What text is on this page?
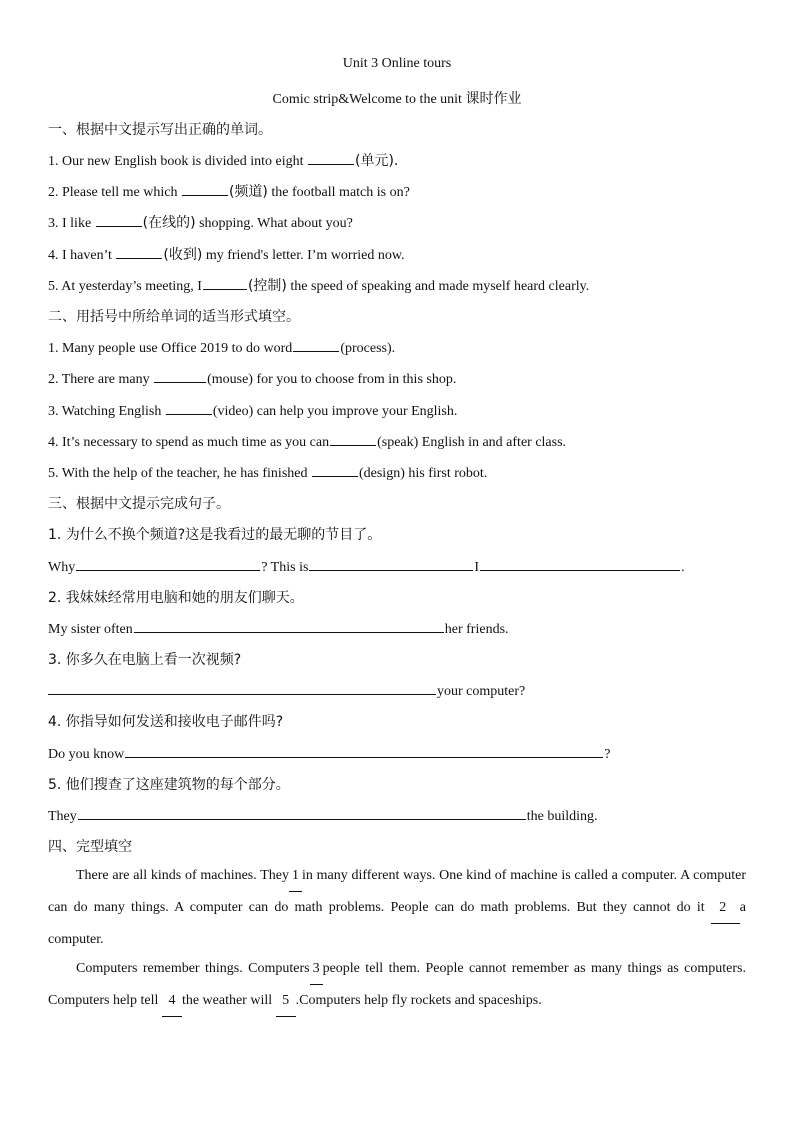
Unit 3 Online tours
Comic strip&Welcome to the unit 课时作业
一、根据中文提示写出正确的单词。
1. Our new English book is divided into eight	(单元).
2. Please tell me which	(频道) the football match is on?
3. I like	(在线的) shopping. What about you?
4. I haven’t	(收到) my friend's letter. I’m worried now.
5. At yesterday’s meeting, I	(控制) the speed of speaking and made myself heard clearly.
二、用括号中所给单词的适当形式填空。
1. Many people use Office 2019 to do word	(process).
2. There are many	(mouse) for you to choose from in this shop.
3. Watching English	(video) can help you improve your English.
4. It’s necessary to spend as much time as you can	(speak) English in and after class.
5. With the help of the teacher, he has finished	(design) his first robot.
三、根据中文提示完成句子。
1. 为什么不换个频道?这是我看过的最无聊的节目了。
Why	? This is	I	.
2. 我妹妹经常用电脑和她的朋友们聊天。
My sister often	her friends.
3. 你多久在电脑上看一次视频?
your computer?
4. 你指导如何发送和接收电子邮件吗?
Do you know	?
5. 他们搜查了这座建筑物的每个部分。
They	the building.
四、完型填空
There are all kinds of machines. They 1 in many different ways. One kind of machine is called a computer. A computer can do many things. A computer can do math problems. People can do math problems. But they cannot do it 2 a computer.
Computers remember things. Computers 3 people tell them. People cannot remember as many things as computers. Computers help tell 4 the weather will 5 .Computers help fly rockets and spaceships.
